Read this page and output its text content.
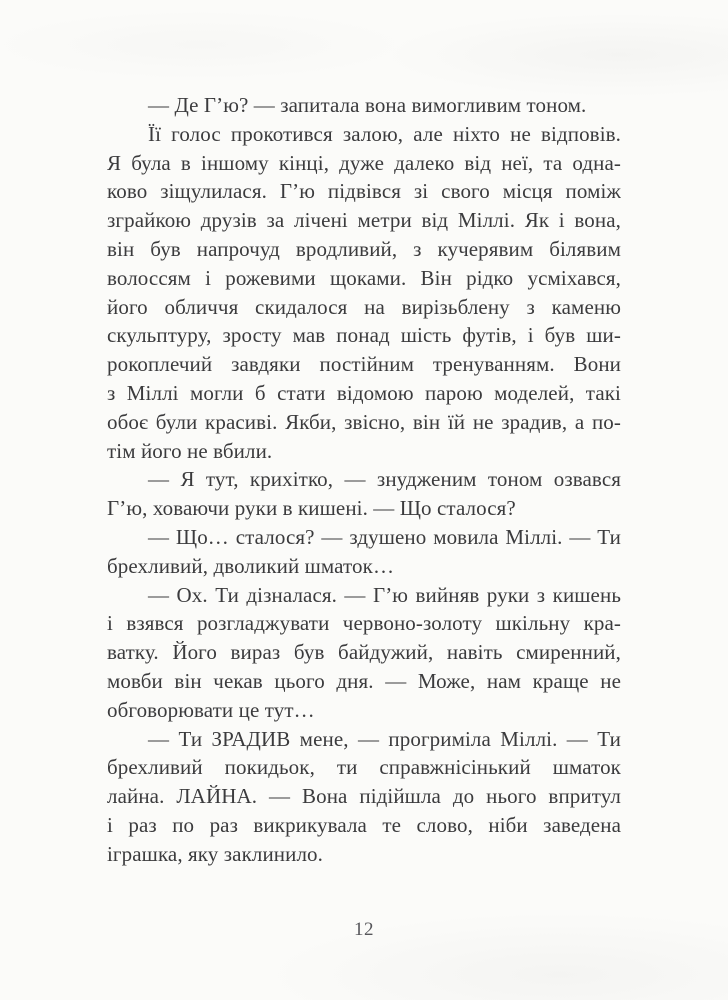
— Де Г’ю? — запитала вона вимогливим тоном.
Її голос прокотився залою, але ніхто не відповів.
Я була в іншому кінці, дуже далеко від неї, та одна-
ково зіщулилася. Г’ю підвівся зі свого місця поміж
зграйкою друзів за лічені метри від Міллі. Як і вона,
він був напрочуд вродливий, з кучерявим білявим
волоссям і рожевими щоками. Він рідко усміхався,
його обличчя скидалося на вирізьблену з каменю
скульптуру, зросту мав понад шість футів, і був ши-
рокоплечий завдяки постійним тренуванням. Вони
з Міллі могли б стати відомою парою моделей, такі
обоє були красиві. Якби, звісно, він їй не зрадив, а по-
тім його не вбили.
— Я тут, крихітко, — знудженим тоном озвався
Г’ю, ховаючи руки в кишені. — Що сталося?
— Що… сталося? — здушено мовила Міллі. — Ти
брехливий, дволикий шматок…
— Ох. Ти дізналася. — Г’ю вийняв руки з кишень
і взявся розгладжувати червоно-золоту шкільну кра-
ватку. Його вираз був байдужий, навіть смиренний,
мовби він чекав цього дня. — Може, нам краще не
обговорювати це тут…
— Ти ЗРАДИВ мене, — прогриміла Міллі. — Ти
брехливий покидьок, ти справжнісінький шматок
лайна. ЛАЙНА. — Вона підійшла до нього впритул
і раз по раз викрикувала те слово, ніби заведена
іграшка, яку заклинило.
12
